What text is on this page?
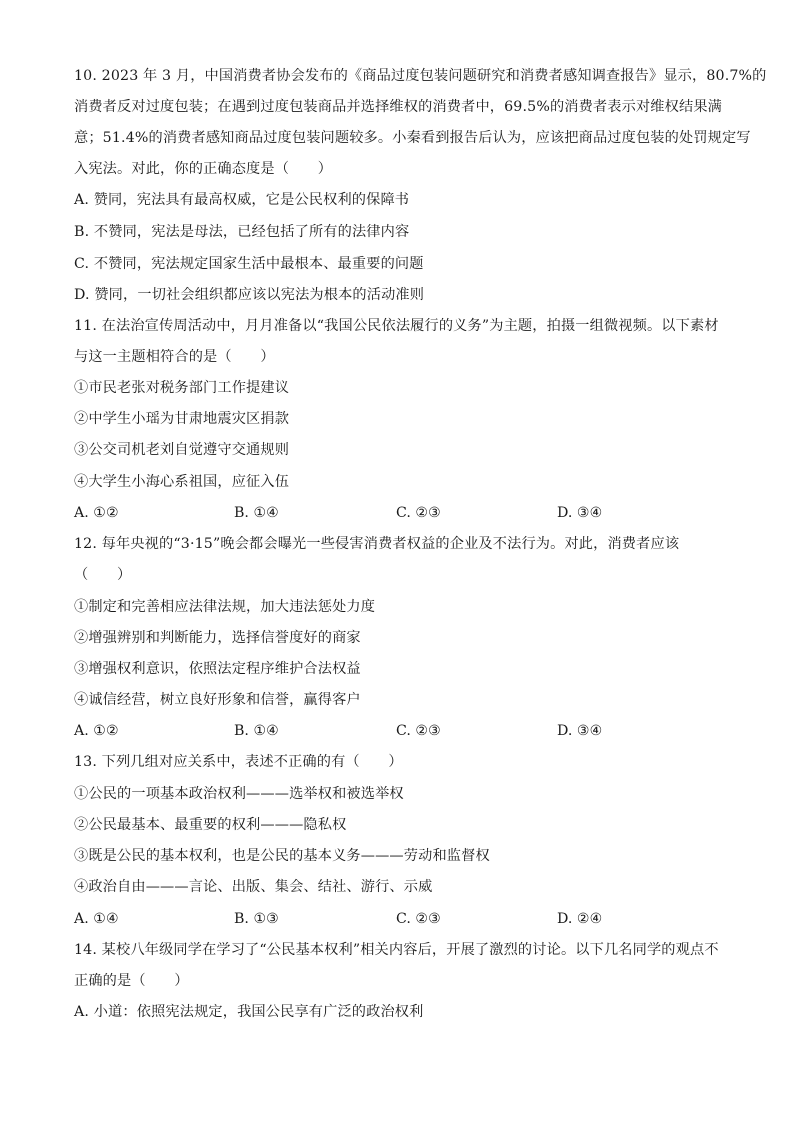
10. 2023 年 3 月，中国消费者协会发布的《商品过度包装问题研究和消费者感知调查报告》显示，80.7%的
消费者反对过度包装；在遇到过度包装商品并选择维权的消费者中，69.5%的消费者表示对维权结果满
意；51.4%的消费者感知商品过度包装问题较多。小秦看到报告后认为，应该把商品过度包装的处罚规定写
入宪法。对此，你的正确态度是（　　）
A. 赞同，宪法具有最高权威，它是公民权利的保障书
B. 不赞同，宪法是母法，已经包括了所有的法律内容
C. 不赞同，宪法规定国家生活中最根本、最重要的问题
D. 赞同，一切社会组织都应该以宪法为根本的活动准则
11. 在法治宣传周活动中，月月准备以“我国公民依法履行的义务”为主题，拍摄一组微视频。以下素材
与这一主题相符合的是（　　）
①市民老张对税务部门工作提建议
②中学生小瑶为甘肃地震灾区捐款
③公交司机老刘自觉遵守交通规则
④大学生小海心系祖国，应征入伍
A. ①②	B. ①④	C. ②③	D. ③④
12. 每年央视的“3·15”晚会都会曝光一些侵害消费者权益的企业及不法行为。对此，消费者应该
（　　）
①制定和完善相应法律法规，加大违法惩处力度
②增强辨别和判断能力，选择信誉度好的商家
③增强权利意识，依照法定程序维护合法权益
④诚信经营，树立良好形象和信誉，赢得客户
A. ①②	B. ①④	C. ②③	D. ③④
13. 下列几组对应关系中，表述不正确的有（　　）
①公民的一项基本政治权利———选举权和被选举权
②公民最基本、最重要的权利———隐私权
③既是公民的基本权利，也是公民的基本义务———劳动和监督权
④政治自由———言论、出版、集会、结社、游行、示威
A. ①④	B. ①③	C. ②③	D. ②④
14. 某校八年级同学在学习了“公民基本权利”相关内容后，开展了激烈的讨论。以下几名同学的观点不
正确的是（　　）
A. 小道：依照宪法规定，我国公民享有广泛的政治权利
